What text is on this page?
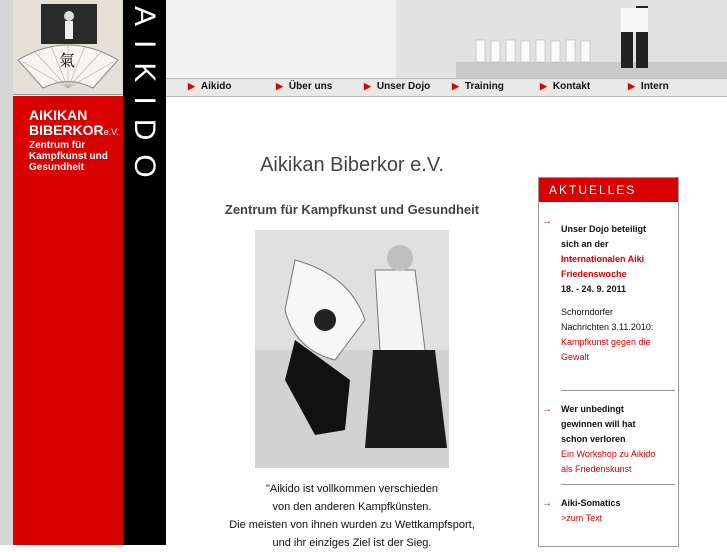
氣
AIKIKAN
BIBERKORe.V.
Zentrum für Kampfkunst und Gesundheit	AIKIDO	▶ Aikido	▶ Über uns	▶ Unser Dojo ▶ Training	▶ Kontakt	▶ Intern
Aikikan Biberkor e.V.
Zentrum für Kampfkunst und Gesundheit
"Aikido ist vollkommen verschieden
von den anderen Kampfkünsten.
Die meisten von ihnen wurden zu Wettkampfsport,
und ihr einziges Ziel ist der Sieg.
AKTUELLES
→
Unser Dojo beteiligt
sich an der
Internationalen Aiki
Friedenswoche
18. - 24. 9. 2011
Schorndorfer
Nachrichten 3.11.2010:
Kampfkunst gegen die
Gewalt
→ Wer unbedingt
gewinnen will hat
schon verloren
Ein Workshop zu Aikido
als Friedenskunst
→ Aiki-Somatics
>zum Text
